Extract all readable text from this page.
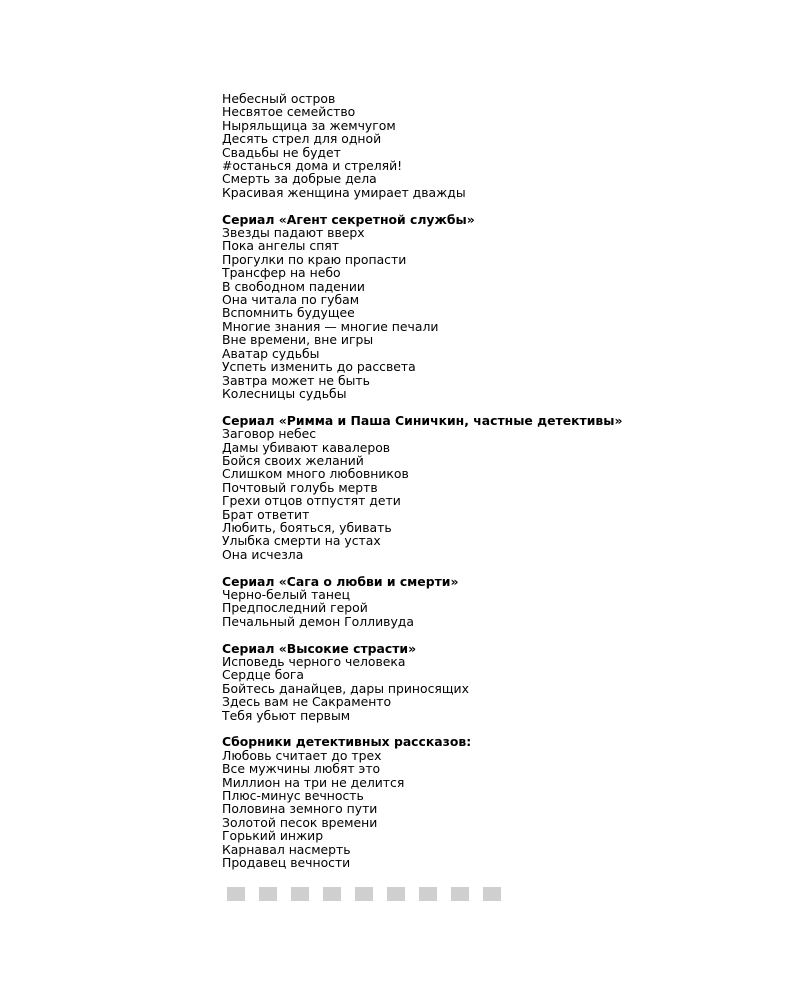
Небесный остров
Несвятое семейство
Ныряльщица за жемчугом
Десять стрел для одной
Свадьбы не будет
#останься дома и стреляй!
Смерть за добрые дела
Красивая женщина умирает дважды
Сериал «Агент секретной службы»
Звезды падают вверх
Пока ангелы спят
Прогулки по краю пропасти
Трансфер на небо
В свободном падении
Она читала по губам
Вспомнить будущее
Многие знания — многие печали
Вне времени, вне игры
Аватар судьбы
Успеть изменить до рассвета
Завтра может не быть
Колесницы судьбы
Сериал «Римма и Паша Синичкин, частные детективы»
Заговор небес
Дамы убивают кавалеров
Бойся своих желаний
Слишком много любовников
Почтовый голубь мертв
Грехи отцов отпустят дети
Брат ответит
Любить, бояться, убивать
Улыбка смерти на устах
Она исчезла
Сериал «Сага о любви и смерти»
Черно-белый танец
Предпоследний герой
Печальный демон Голливуда
Сериал «Высокие страсти»
Исповедь черного человека
Сердце бога
Бойтесь данайцев, дары приносящих
Здесь вам не Сакраменто
Тебя убьют первым
Сборники детективных рассказов:
Любовь считает до трех
Все мужчины любят это
Миллион на три не делится
Плюс-минус вечность
Половина земного пути
Золотой песок времени
Горький инжир
Карнавал насмерть
Продавец вечности
